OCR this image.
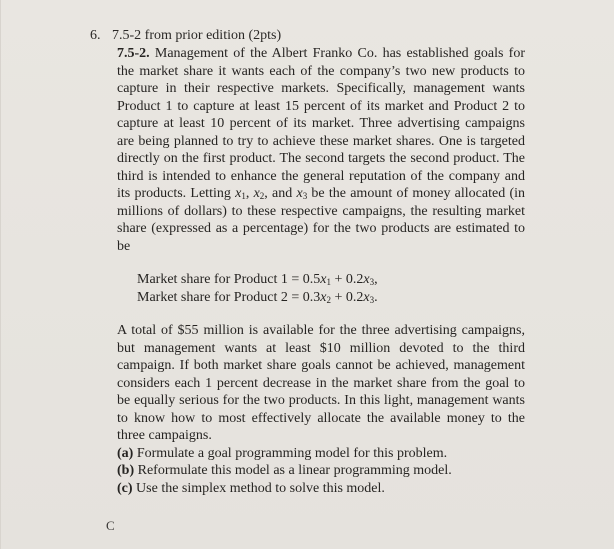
6. 7.5-2 from prior edition (2pts)

7.5-2. Management of the Albert Franko Co. has established goals for the market share it wants each of the company’s two new products to capture in their respective markets. Specifically, management wants Product 1 to capture at least 15 percent of its market and Product 2 to capture at least 10 percent of its market. Three advertising campaigns are being planned to try to achieve these market shares. One is targeted directly on the first product. The second targets the second product. The third is intended to enhance the general reputation of the company and its products. Letting $x_1$, $x_2$, and $x_3$ be the amount of money allocated (in millions of dollars) to these respective campaigns, the resulting market share (expressed as a percentage) for the two products are estimated to be

Market share for Product $1 = 0.5x_1 + 0.2x_3$,
Market share for Product $2 = 0.3x_2 + 0.2x_3$.

A total of $55 million is available for the three advertising campaigns, but management wants at least $10 million devoted to the third campaign. If both market share goals cannot be achieved, management considers each 1 percent decrease in the market share from the goal to be equally serious for the two products. In this light, management wants to know how to most effectively allocate the available money to the three campaigns.

(a) Formulate a goal programming model for this problem.
(b) Reformulate this model as a linear programming model.
(c) Use the simplex method to solve this model.
C
